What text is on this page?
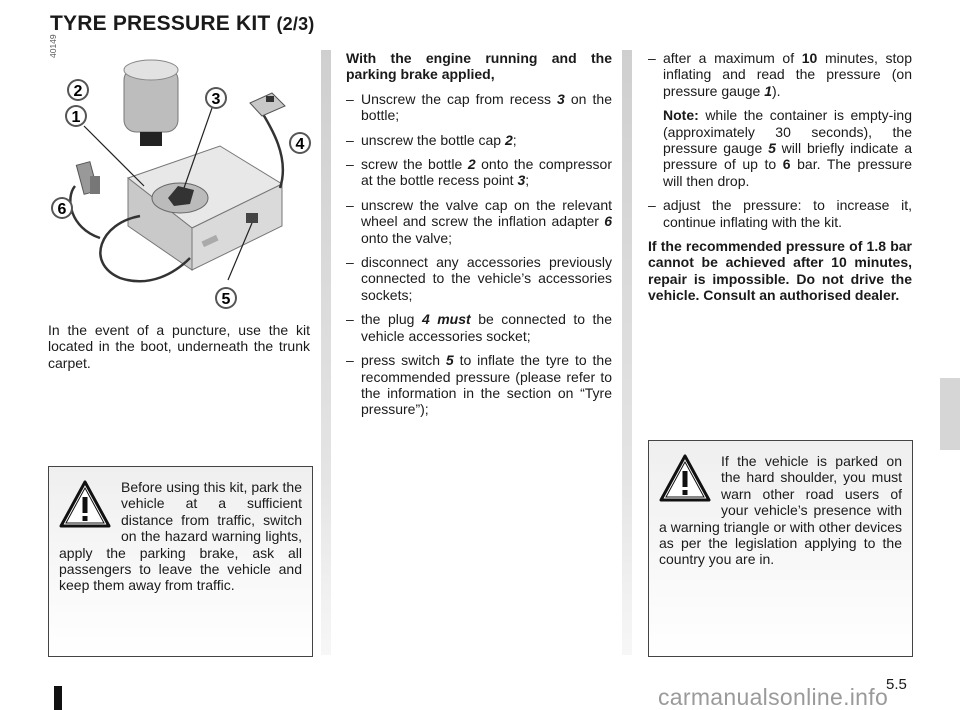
TYRE PRESSURE KIT (2/3)
40149
1
2	3
4
5
6

In the event of a puncture, use the kit located in the boot, underneath the trunk carpet.

Before using this kit, park the vehicle at a sufficient distance from traffic, switch on the hazard warning lights, apply the parking brake, ask all passengers to leave the vehicle and keep them away from traffic.

With the engine running and the parking brake applied,

– Unscrew the cap from recess 3 on the bottle;
– unscrew the bottle cap 2;
– screw the bottle 2 onto the compressor at the bottle recess point 3;
– unscrew the valve cap on the relevant wheel and screw the inflation adapter 6 onto the valve;
– disconnect any accessories previously connected to the vehicle’s accessories sockets;
– the plug 4 must be connected to the vehicle accessories socket;
– press switch 5 to inflate the tyre to the recommended pressure (please refer to the information in the section on “Tyre pressure”);
– after a maximum of 10 minutes, stop inflating and read the pressure (on pressure gauge 1).
Note: while the container is empty-ing (approximately 30 seconds), the pressure gauge 5 will briefly indicate a pressure of up to 6 bar. The pressure will then drop.
– adjust the pressure: to increase it, continue inflating with the kit.

If the recommended pressure of 1.8 bar cannot be achieved after 10 minutes, repair is impossible. Do not drive the vehicle. Consult an authorised dealer.

If the vehicle is parked on the hard shoulder, you must warn other road users of your vehicle’s presence with a warning triangle or with other devices as per the legislation applying to the country you are in.
5.5
carmanualsonline.info
